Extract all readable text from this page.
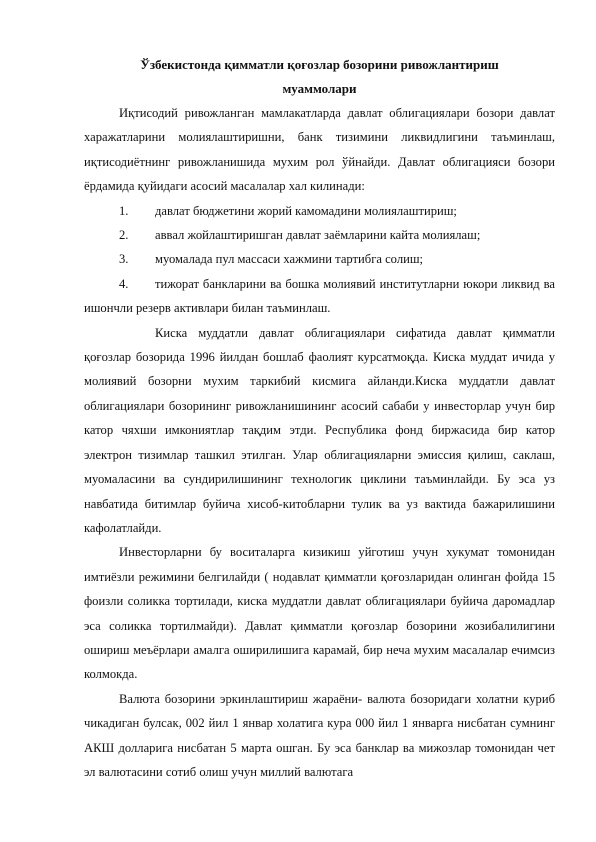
Ўзбекистонда қимматли қоғозлар бозорини ривожлантириш

муаммолари

Иқтисодий ривожланган мамлакатларда давлат облигациялари бозори давлат харажатларини молиялаштиришни, банк тизимини ликвидлигини таъминлаш, иқтисодиётнинг ривожланишида мухим рол ўйнайди. Давлат облигацияси бозори ёрдамида қуйидаги асосий масалалар хал килинади:

1. давлат бюджетини жорий камомадини молиялаштириш;
2. аввал жойлаштиришган давлат заёмларини кайта молиялаш;
3. муомалада пул массаси хажмини тартибга солиш;
4. тижорат банкларини ва бошка молиявий институтларни юкори ликвид ва ишончли резерв активлари билан таъминлаш.

Киска муддатли давлат облигациялари сифатида давлат қимматли қоғозлар бозорида 1996 йилдан бошлаб фаолият курсатмоқда. Киска муддат ичида у молиявий бозорни мухим таркибий кисмига айланди.Киска муддатли давлат облигациялари бозорининг ривожланишининг асосий сабаби у инвесторлар учун бир катор чяхши имкониятлар тақдим этди. Республика фонд биржасида бир катор электрон тизимлар ташкил этилган. Улар облигацияларни эмиссия қилиш, саклаш, муомаласини ва сундирилишининг технологик циклини таъминлайди. Бу эса уз навбатида битимлар буйича хисоб-китобларни тулик ва уз вактида бажарилишини кафолатлайди.

Инвесторларни бу воситаларга кизикиш уйготиш учун хукумат томонидан имтиёзли режимини белгилайди ( нодавлат қимматли қоғозларидан олинган фойда 15 фоизли соликка тортилади, киска муддатли давлат облигациялари буйича даромадлар эса соликка тортилмайди). Давлат қимматли қоғозлар бозорини жозибалилигини ошириш меъёрлари амалга оширилишига карамай, бир неча мухим масалалар ечимсиз колмокда.

Валюта бозорини эркинлаштириш жараёни- валюта бозоридаги холатни куриб чикадиган булсак, 002 йил 1 январ холатига кура 000 йил 1 январга нисбатан сумнинг АКШ долларига нисбатан 5 марта ошган. Бу эса банклар ва мижозлар томонидан чет эл валютасини сотиб олиш учун миллий валютага
